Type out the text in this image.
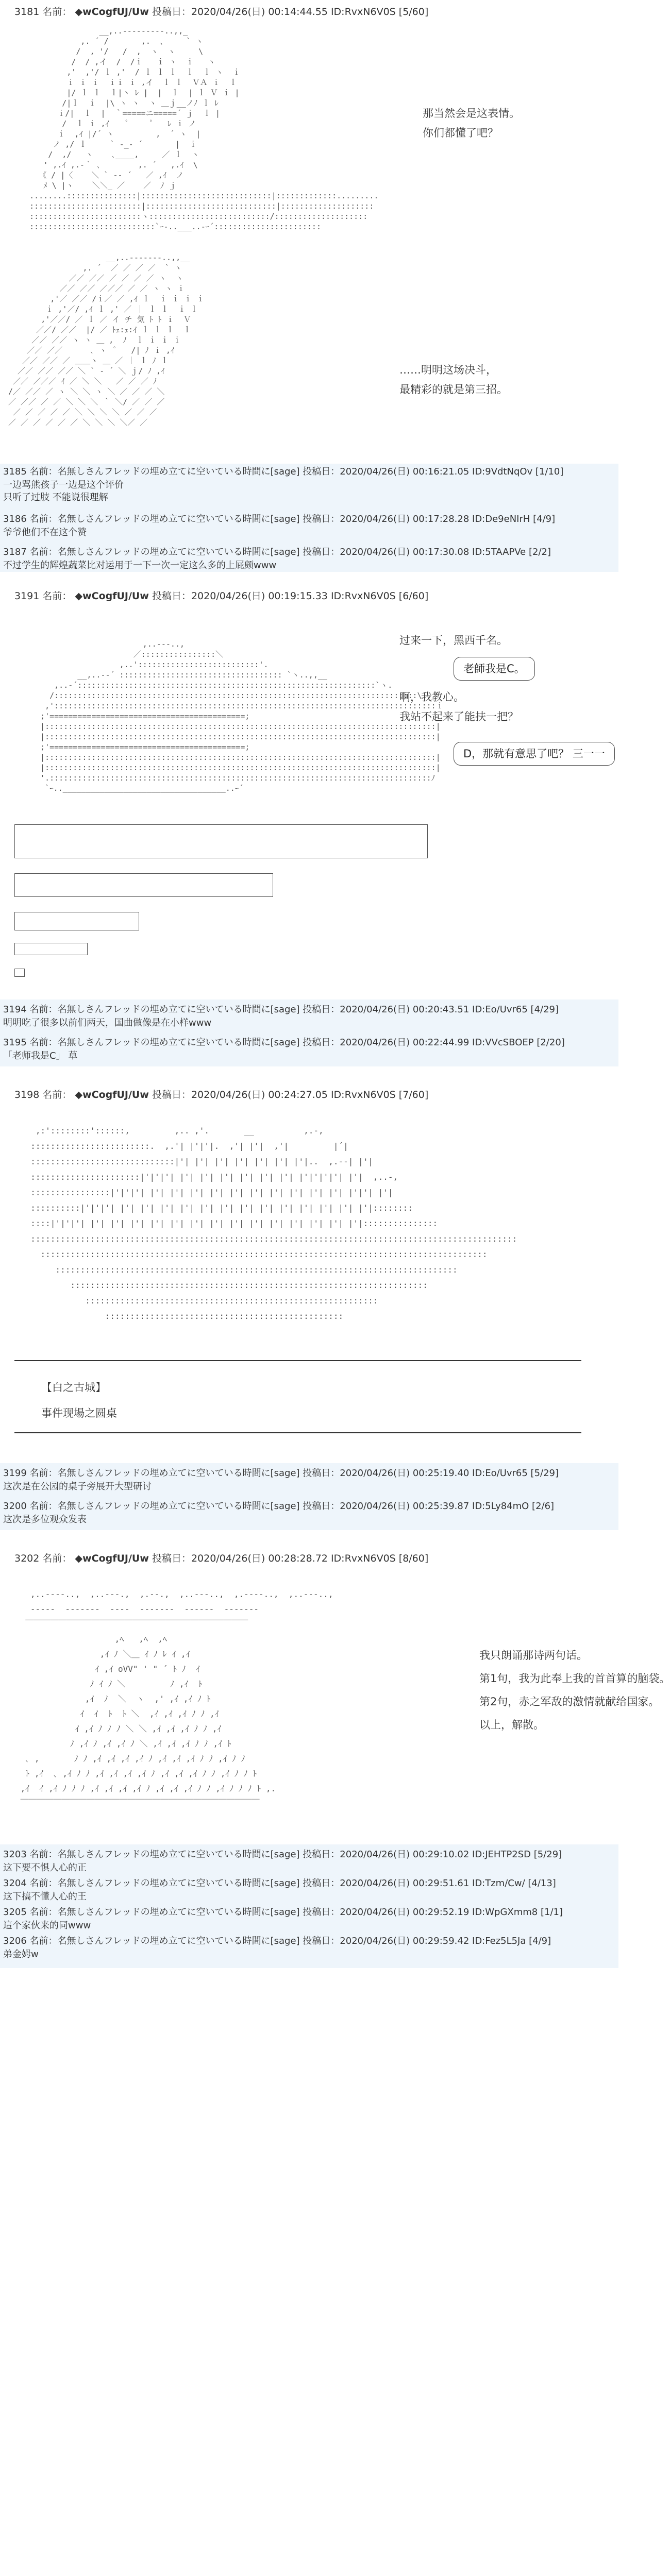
3181 名前： ◆wCogfUJ/Uw 投稿日：2020/04/26(日) 00:14:44.55 ID:RvxN6V0S [5/60]
__,..--‐‐‐‐---..,,_
,. ´ /       ,.  、    ` ヽ
/  , '/   /  ,  ヽ  ヽ     \
/  / ,イ  /  /ｉ   ｉ ヽ  ｉ   ヽ
,'  ,'/ ｌ ,'  / ｌ ｌ ｌ  ｌ  ｌ ヽ  ｉ
ｉ ｉ ｉ  ｉｉ ｉ ,イ  ｌ ｌ  ＶＡ ｉ  ｌ
|/ ｌ ｌ  ｌ|ヽ ﾚ |  |  ｌ  | ｌ Ｖ ｉ |
/|ｌ  ｉ  |\ ヽ ヽ  ヽ ＿ｊ__ノﾉ ｌ ﾚ
ｉ/|  ｌ  |  ｀=====ニ=====´ ｊ  ｌ |
/  ｌ ｉ ,ｲ    ﾟ     ﾟ   ﾚ ｉ ノ
ｉ  ,ｲ |/´ ヽ         ,  ´ ヽ  |
ノ ,/ ｌ     ` -_- ´       |  ｉ
/  ,/   ヽ    ､____,     ／ ｌ  ヽ
' ,.ｲ ,.-｀ ､        ,. ´   ,.ｲ  \
《 / |〈    ＼ ` ‐‐ ´   ／ ,ｲ  ノ
ﾒ \ |ヽ    ＼＼_ ／    ／  ﾉ ｊ
........:::::::::::::::|::::::::::::::::::::::::::::|:::::::::::::.........
::::::::::::::::::::::::|::::::::::::::::::::::::::::|::::::::::::::::::::
::::::::::::::::::::::::ヽ::::::::::::::::::::::::::/::::::::::::::::::::
:::::::::::::::::::::::::::`ｰ-..___..-ｰ´:::::::::::::::::::::::
那当然会是这表情。
你们都懂了吧？
__,..-‐‐‐‐‐-..,,__
,. ´  ／ ／ ／ ／  ` ヽ
／／ ／／ ／ ／ ／ ／ ヽ  ヽ
／／ ／／ ／／／ ／ ／ ヽ ヽ ｉ
,'／ ／／ /ｉ／ ／ ,ｲ ｌ  ｉ ｉ ｉ ｉ
ｉ ,'／/ ,ｲ ｌ ,' ／ ｜ ｌ ｌ  ｉ ｌ
,'／／/ ／ ｌ ／ イ チ 気 ﾄ ﾄ ｉ  Ｖ
／／/ ／／  |/ ／ ﾄｪ:ｪ:ｲ ｌ ｌ ｌ  ｌ
／／ ／／ ヽ ヽ ＿ ,  ﾉ  ｌ ｉ ｉ ｉ
／／ ／／      ､ ヽ  ﾟ   /| ﾉ ｉ ,ｲ
／／ ／／ ／ ＿＿ヽ ＿ ／ ｜ ｌ ﾉ ｌ
／／ ／／ ／／ ＼ ` ‐ ´ ＼ ｊ/ ﾉ ,ｲ
／／ ／／／ ｲ ／ ＼ ＼   ／ ／ ／ ﾉ
/／ ／／ ／ ヽ ＼ ＼ ヽ ＼ ／ ／ ／ ＼
／ ／／ ／ ／ ＼ ＼ ＼ ｀ ＼/ ／ ／ ／
／ ／ ／ ／ ／ ＼ ＼ ＼ ＼ ／ ／ ／
／ ／ ／ ／ ／ ／ ＼ ＼ ＼ ＼／ ／
……明明这场决斗，
最精彩的就是第三招。
3185 名前：名無しさんフレッドの埋め立てに空いている時間に[sage] 投稿日：2020/04/26(日) 00:16:21.05 ID:9VdtNqOv [1/10]
一边骂熊孩子一边是这个评价
只听了过肢 不能说很理解
3186 名前：名無しさんフレッドの埋め立てに空いている時間に[sage] 投稿日：2020/04/26(日) 00:17:28.28 ID:De9eNIrH [4/9]
爷爷他们不在这个赞
3187 名前：名無しさんフレッドの埋め立てに空いている時間に[sage] 投稿日：2020/04/26(日) 00:17:30.08 ID:5TAAPVe [2/2]
不过学生的辉煌蔬菜比对运用于一下一次一定这么多的上屁颇www
3191 名前： ◆wCogfUJ/Uw 投稿日：2020/04/26(日) 00:19:15.33 ID:RvxN6V0S [6/60]
,..-‐‐..,
／::::::::::::::::＼
,..'::::::::::::::::::::::::::'.
__,..-‐´ ::::::::::::::::::::::::::::::::::: `ヽ..,,__
,..-´::::::::::::::::::::::::::::::::::::::::::::::::::::::::::::::::`ヽ.
/::::::::::::::::::::::::::::::::::::::::::::::::::::::::::::::::::::::::::::::\
,'::::::::::::::::::::::::::::::::::::::::::::::::::::::::::::::::::::::::::::::::::ｉ
;'==========================================;
|::::::::::::::::::::::::::::::::::::::::::::::::::::::::::::::::::::::::::::::::::::|
|::::::::::::::::::::::::::::::::::::::::::::::::::::::::::::::::::::::::::::::::::::|
;'==========================================;
|::::::::::::::::::::::::::::::::::::::::::::::::::::::::::::::::::::::::::::::::::::|
|::::::::::::::::::::::::::::::::::::::::::::::::::::::::::::::::::::::::::::::::::::|
'.::::::::::::::::::::::::::::::::::::::::::::::::::::::::::::::::::::::::::::::::::ﾉ
`ｰ..___________________________________..ｰ´
过来一下，黑西千名。
老師我是C。
啊，我教心。
我站不起来了能扶一把？
D，那就有意思了吧？ 三一一
3194 名前：名無しさんフレッドの埋め立てに空いている時間に[sage] 投稿日：2020/04/26(日) 00:20:43.51 ID:Eo/Uvr65 [4/29]
明明吃了很多以前们两天，国曲做像是在小样www
3195 名前：名無しさんフレッドの埋め立てに空いている時間に[sage] 投稿日：2020/04/26(日) 00:22:44.99 ID:VVcSBOEP [2/20]
「老师我是C」 草
3198 名前： ◆wCogfUJ/Uw 投稿日：2020/04/26(日) 00:24:27.05 ID:RvxN6V0S [7/60]
,:'::::::::'::::::,         ,.. ,'.       __          ,.-,
::::::::::::::::::::::::.  ,.'| |'|'|.  ,'| |'|  ,'|         |´|
:::::::::::::::::::::::::::::|'| |'| |'| |'| |'| |'| |'|..  ,.-‐| |'|
::::::::::::::::::::::|'|'|'| |'| |'| |'| |'| |'| |'| |'|'|'|'| |'|  ,..-,
::::::::::::::::|'|'|'| |'| |'| |'| |'| |'| |'| |'| |'| |'| |'| |'|'| |'|
::::::::::|'|'|'| |'| |'| |'| |'| |'| |'| |'| |'| |'| |'| |'| |'| |'|::::::::
::::|'|'|'| |'| |'| |'| |'| |'| |'| |'| |'| |'| |'| |'| |'| |'| |'|:::::::::::::::
::::::::::::::::::::::::::::::::::::::::::::::::::::::::::::::::::::::::::::::::::::::::::::::::::
::::::::::::::::::::::::::::::::::::::::::::::::::::::::::::::::::::::::::::::::::::::::::
:::::::::::::::::::::::::::::::::::::::::::::::::::::::::::::::::::::::::::::::::
::::::::::::::::::::::::::::::::::::::::::::::::::::::::::::::::::::::::
:::::::::::::::::::::::::::::::::::::::::::::::::::::::::::
::::::::::::::::::::::::::::::::::::::::::::::::
【白之古城】
事件现場之圆桌
3199 名前：名無しさんフレッドの埋め立てに空いている時間に[sage] 投稿日：2020/04/26(日) 00:25:19.40 ID:Eo/Uvr65 [5/29]
这次是在公园的桌子旁展开大型研讨
3200 名前：名無しさんフレッドの埋め立てに空いている時間に[sage] 投稿日：2020/04/26(日) 00:25:39.87 ID:5Ly84mO [2/6]
这次是多位观众发表
3202 名前： ◆wCogfUJ/Uw 投稿日：2020/04/26(日) 00:28:28.72 ID:RvxN6V0S [8/60]
,..-‐‐-..,  ,..-‐-.,  ,.‐‐.,  ,..-‐-..,  ,.-‐‐-..,  ,..-‐-..,
‐‐‐‐‐  ‐‐‐‐‐‐‐  ‐‐‐‐  ‐‐‐‐‐‐‐  ‐‐‐‐‐‐  ‐‐‐‐‐‐‐
￣￣￣￣￣￣￣￣￣￣￣￣￣￣￣￣￣￣￣￣￣￣￣￣￣￣￣
,ﾍ   ,ﾍ  ,ﾍ
,ｲ ﾉ ＼＿ ｲ ﾉ ﾚ ｲ ,ｲ
ｲ ,ｲ oVV" ' " ´ ﾄ ﾉ  ｲ
ﾉ ｲ ﾉ ＼         ﾉ ,ｲ  ﾄ
,ｲ  ﾉ  ＼  ヽ  ,' ,ｲ ,ｲ ﾉ ﾄ
ｲ  ｲ  ﾄ  ﾄ ＼  ,ｲ ,ｲ ,ｲ ﾉ ﾉ ,ｲ
ｲ ,ｲ ﾉ ﾉ ﾉ ＼ ＼ ,ｲ ,ｲ ,ｲ ﾉ ﾉ ,ｲ
ﾉ ,ｲ ﾉ ,ｲ ,ｲ ﾉ ＼ ,ｲ ,ｲ ,ｲ ﾉ ﾉ ,ｲ ﾄ
､ ,       ﾉ ﾉ ,ｲ ,ｲ ,ｲ ,ｲ ﾉ ,ｲ ,ｲ ,ｲ ﾉ ﾉ ,ｲ ﾉ ﾉ
ﾄ ,ｲ  ､ ,ｲ ﾉ ﾉ ,ｲ ,ｲ ,ｲ ,ｲ ﾉ ,ｲ ,ｲ ,ｲ ﾉ ﾉ ,ｲ ﾉ ﾉ ﾄ
,ｲ  ｲ ,ｲ ﾉ ﾉ ﾉ ,ｲ ,ｲ ,ｲ ,ｲ ﾉ ,ｲ ,ｲ ,ｲ ﾉ ﾉ ,ｲ ﾉ ﾉ ﾉ ﾄ ,.
￣￣￣￣￣￣￣￣￣￣￣￣￣￣￣￣￣￣￣￣￣￣￣￣￣￣￣￣￣
我只朗诵那诗两句话。
第1句，我为此奉上我的首首算的脑袋。
第2句，赤之军敌的激情就献给国家。
以上，解散。
3203 名前：名無しさんフレッドの埋め立てに空いている時間に[sage] 投稿日：2020/04/26(日) 00:29:10.02 ID:JEHTP2SD [5/29]
这下要不惧人心的正
3204 名前：名無しさんフレッドの埋め立てに空いている時間に[sage] 投稿日：2020/04/26(日) 00:29:51.61 ID:Tzm/Cw/ [4/13]
这下搞不懂人心的王
3205 名前：名無しさんフレッドの埋め立てに空いている時間に[sage] 投稿日：2020/04/26(日) 00:29:52.19 ID:WpGXmm8 [1/1]
這个家伙来的同www
3206 名前：名無しさんフレッドの埋め立てに空いている時間に[sage] 投稿日：2020/04/26(日) 00:29:59.42 ID:Fez5L5Ja [4/9]
弟金姆w
